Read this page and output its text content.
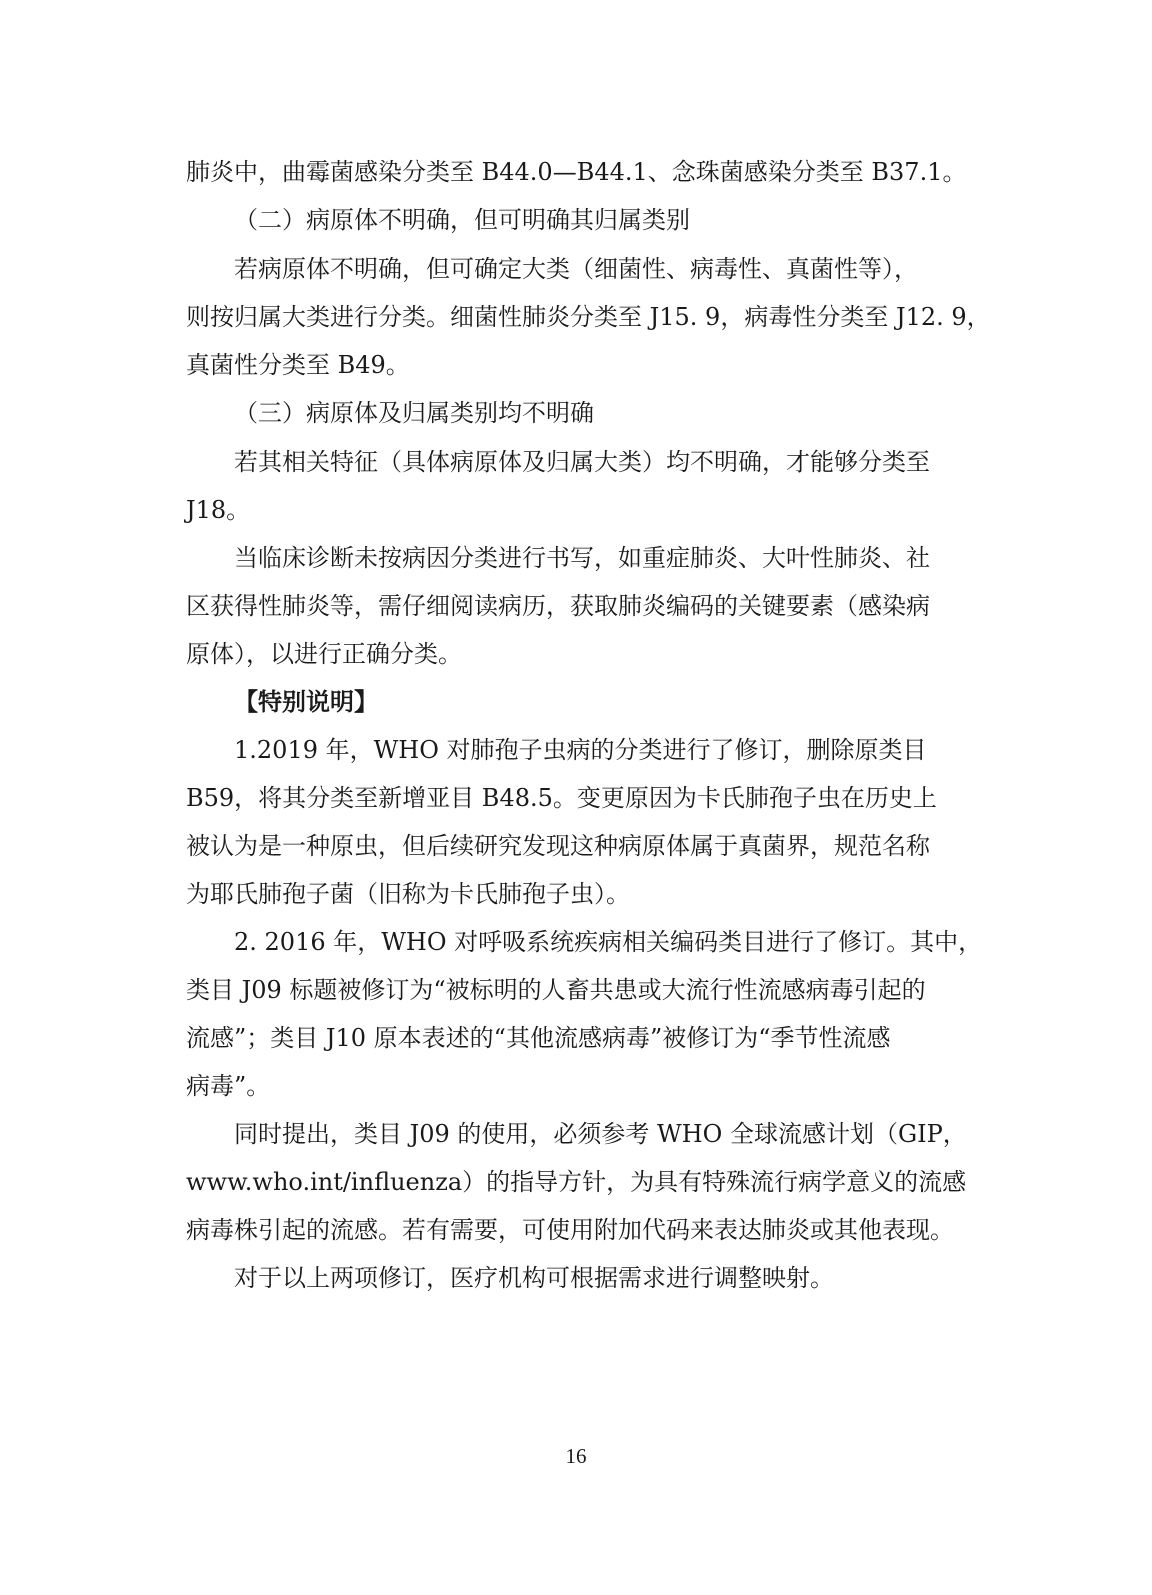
肺炎中，曲霉菌感染分类至 B44.0—B44.1、念珠菌感染分类至 B37.1。

（二）病原体不明确，但可明确其归属类别

若病原体不明确，但可确定大类（细菌性、病毒性、真菌性等），

则按归属大类进行分类。细菌性肺炎分类至 J15. 9，病毒性分类至 J12. 9，

真菌性分类至 B49。

（三）病原体及归属类别均不明确

若其相关特征（具体病原体及归属大类）均不明确，才能够分类至

J18。

当临床诊断未按病因分类进行书写，如重症肺炎、大叶性肺炎、社

区获得性肺炎等，需仔细阅读病历，获取肺炎编码的关键要素（感染病

原体），以进行正确分类。

【特别说明】

1.2019 年，WHO 对肺孢子虫病的分类进行了修订，删除原类目

B59，将其分类至新增亚目 B48.5。变更原因为卡氏肺孢子虫在历史上

被认为是一种原虫，但后续研究发现这种病原体属于真菌界，规范名称

为耶氏肺孢子菌（旧称为卡氏肺孢子虫）。

2. 2016 年，WHO 对呼吸系统疾病相关编码类目进行了修订。其中，

类目 J09 标题被修订为“被标明的人畜共患或大流行性流感病毒引起的

流感”；类目 J10 原本表述的“其他流感病毒”被修订为“季节性流感

病毒”。

同时提出，类目 J09 的使用，必须参考 WHO 全球流感计划（GIP，

www.who.int/influenza）的指导方针，为具有特殊流行病学意义的流感

病毒株引起的流感。若有需要，可使用附加代码来表达肺炎或其他表现。

对于以上两项修订，医疗机构可根据需求进行调整映射。

16
